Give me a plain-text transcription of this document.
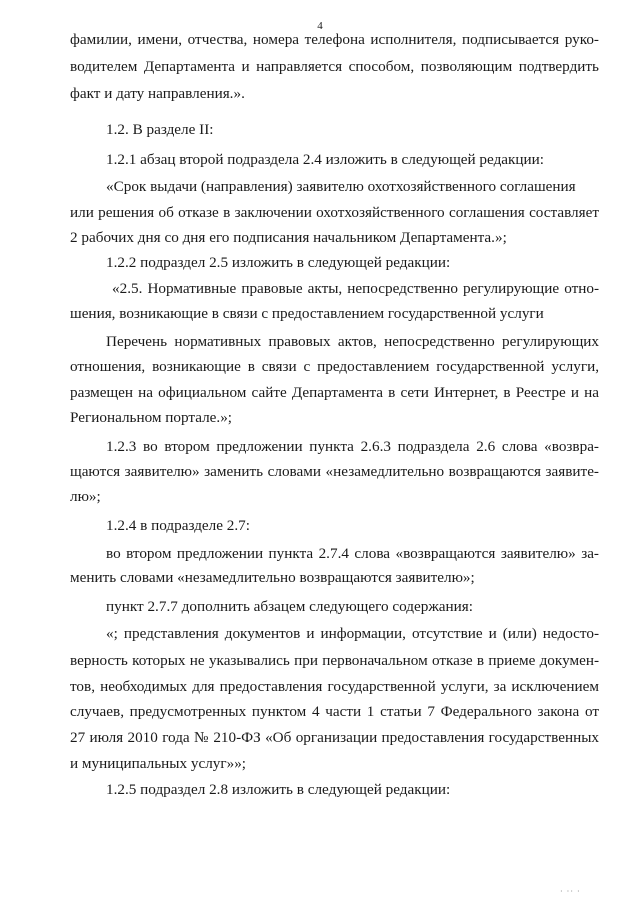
4
фамилии, имени, отчества, номера телефона исполнителя, подписывается руко-
водителем Департамента и направляется способом, позволяющим подтвердить
факт и дату направления.».
1.2. В разделе II:
1.2.1 абзац второй подраздела 2.4 изложить в следующей редакции:
«Срок выдачи (направления) заявителю охотхозяйственного соглашения
или решения об отказе в заключении охотхозяйственного соглашения составляет
2 рабочих дня со дня его подписания начальником Департамента.»;
1.2.2 подраздел 2.5 изложить в следующей редакции:
«2.5. Нормативные правовые акты, непосредственно регулирующие отно-
шения, возникающие в связи с предоставлением государственной услуги
Перечень нормативных правовых актов, непосредственно регулирующих
отношения, возникающие в связи с предоставлением государственной услуги,
размещен на официальном сайте Департамента в сети Интернет, в Реестре и на
Региональном портале.»;
1.2.3 во втором предложении пункта 2.6.3 подраздела 2.6 слова «возвра-
щаются заявителю» заменить словами «незамедлительно возвращаются заявите-
лю»;
1.2.4 в подразделе 2.7:
во втором предложении пункта 2.7.4 слова «возвращаются заявителю» за-
менить словами «незамедлительно возвращаются заявителю»;
пункт 2.7.7 дополнить абзацем следующего содержания:
«; представления документов и информации, отсутствие и (или) недосто-
верность которых не указывались при первоначальном отказе в приеме докумен-
тов, необходимых для предоставления государственной услуги, за исключением
случаев, предусмотренных пунктом 4 части 1 статьи 7 Федерального закона от
27 июля 2010 года № 210-ФЗ «Об организации предоставления государственных
и муниципальных услуг»»;
1.2.5 подраздел 2.8 изложить в следующей редакции:
· ·· ·
